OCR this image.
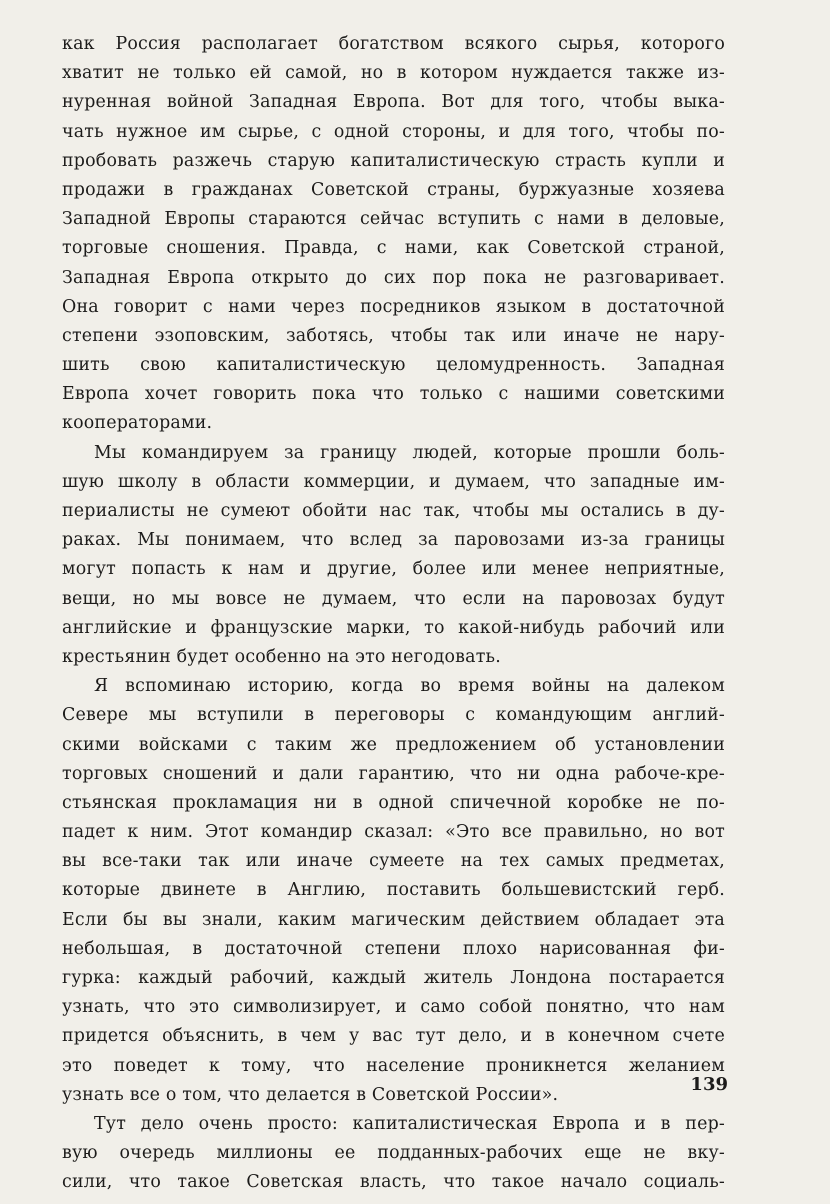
как Россия располагает богатством всякого сырья, которого
хватит не только ей самой, но в котором нуждается также из-
нуренная войной Западная Европа. Вот для того, чтобы выка-
чать нужное им сырье, с одной стороны, и для того, чтобы по-
пробовать разжечь старую капиталистическую страсть купли и
продажи в гражданах Советской страны, буржуазные хозяева
Западной Европы стараются сейчас вступить с нами в деловые,
торговые сношения. Правда, с нами, как Советской страной,
Западная Европа открыто до сих пор пока не разговаривает.
Она говорит с нами через посредников языком в достаточной
степени эзоповским, заботясь, чтобы так или иначе не нару-
шить свою капиталистическую целомудренность. Западная
Европа хочет говорить пока что только с нашими советскими
кооператорами.
Мы командируем за границу людей, которые прошли боль-
шую школу в области коммерции, и думаем, что западные им-
периалисты не сумеют обойти нас так, чтобы мы остались в ду-
раках. Мы понимаем, что вслед за паровозами из-за границы
могут попасть к нам и другие, более или менее неприятные,
вещи, но мы вовсе не думаем, что если на паровозах будут
английские и французские марки, то какой-нибудь рабочий или
крестьянин будет особенно на это негодовать.
Я вспоминаю историю, когда во время войны на далеком
Севере мы вступили в переговоры с командующим англий-
скими войсками с таким же предложением об установлении
торговых сношений и дали гарантию, что ни одна рабоче-кре-
стьянская прокламация ни в одной спичечной коробке не по-
падет к ним. Этот командир сказал: «Это все правильно, но вот
вы все-таки так или иначе сумеете на тех самых предметах,
которые двинете в Англию, поставить большевистский герб.
Если бы вы знали, каким магическим действием обладает эта
небольшая, в достаточной степени плохо нарисованная фи-
гурка: каждый рабочий, каждый житель Лондона постарается
узнать, что это символизирует, и само собой понятно, что нам
придется объяснить, в чем у вас тут дело, и в конечном счете
это поведет к тому, что население проникнется желанием
узнать все о том, что делается в Советской России».
Тут дело очень просто: капиталистическая Европа и в пер-
вую очередь миллионы ее подданных-рабочих еще не вку-
сили, что такое Советская власть, что такое начало социаль-
139
